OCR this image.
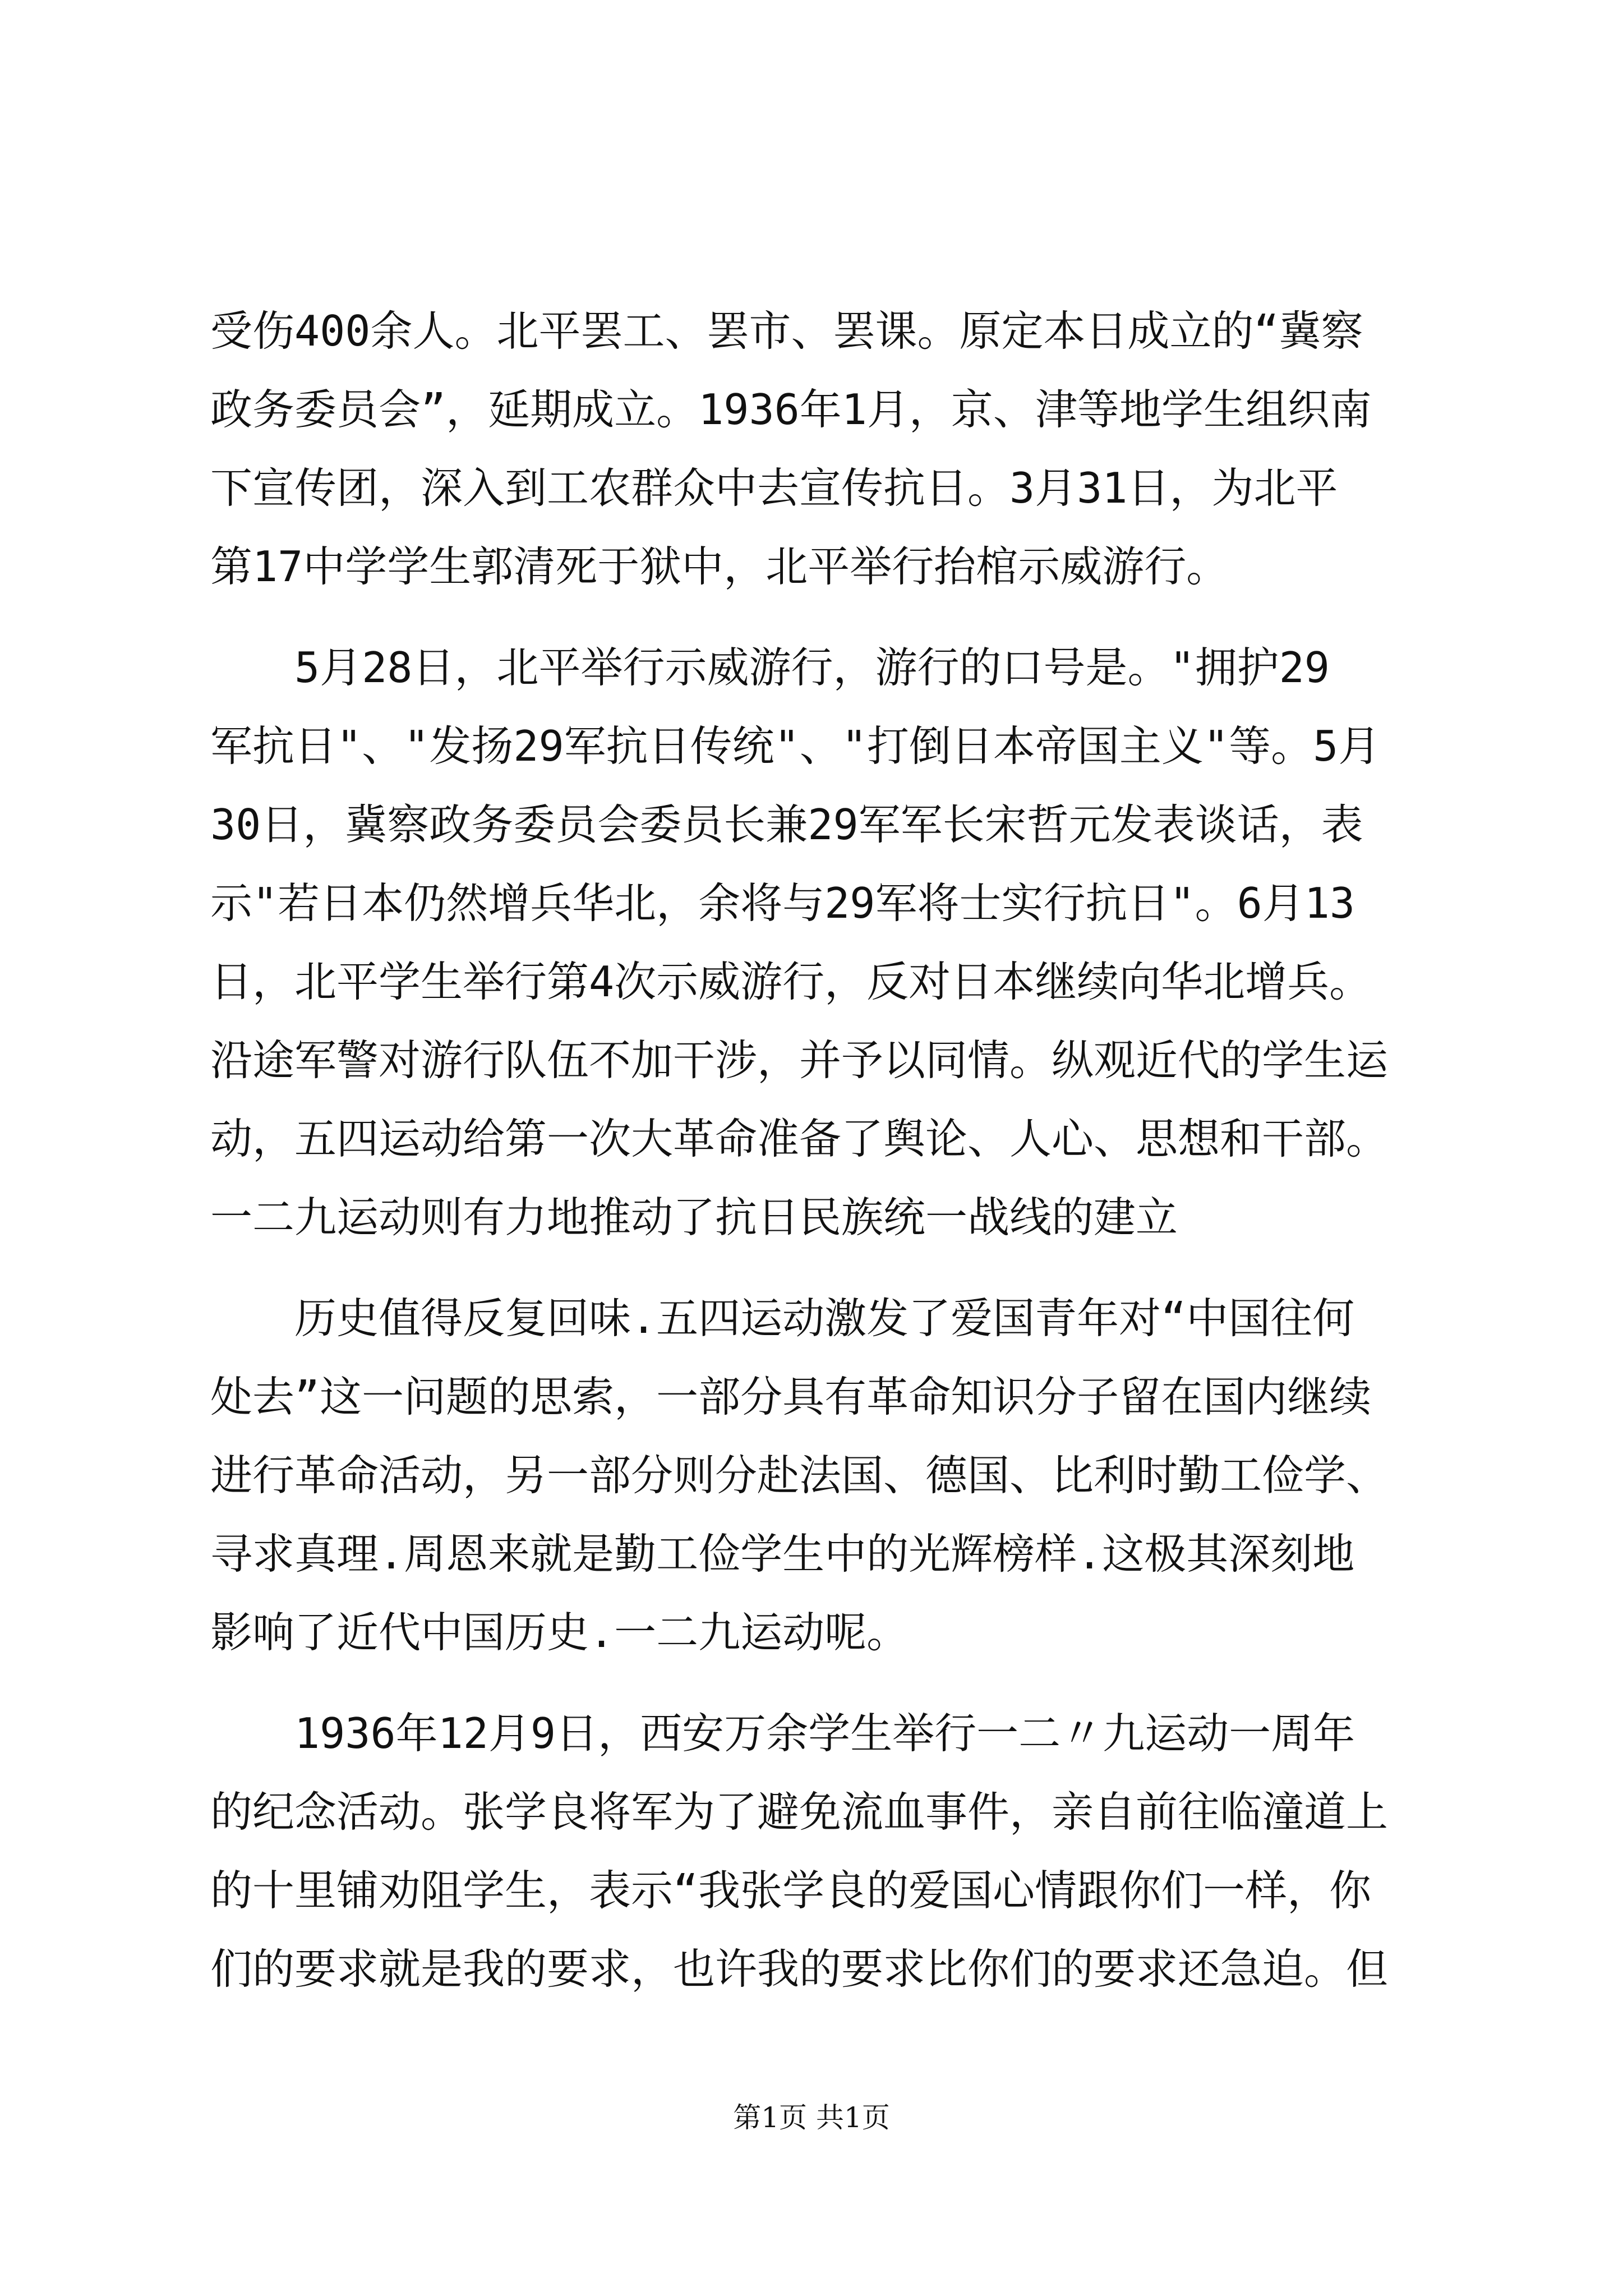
受伤400余人。北平罢工、罢市、罢课。原定本日成立的“冀察
政务委员会”，延期成立。1936年1月，京、津等地学生组织南
下宣传团，深入到工农群众中去宣传抗日。3月31日，为北平
第17中学学生郭清死于狱中，北平举行抬棺示威游行。
　　5月28日，北平举行示威游行，游行的口号是。"拥护29
军抗日"、"发扬29军抗日传统"、"打倒日本帝国主义"等。5月
30日，冀察政务委员会委员长兼29军军长宋哲元发表谈话，表
示"若日本仍然增兵华北，余将与29军将士实行抗日"。6月13
日，北平学生举行第4次示威游行，反对日本继续向华北增兵。
沿途军警对游行队伍不加干涉，并予以同情。纵观近代的学生运
动，五四运动给第一次大革命准备了舆论、人心、思想和干部。
一二九运动则有力地推动了抗日民族统一战线的建立
　　历史值得反复回味.五四运动激发了爱国青年对“中国往何
处去”这一问题的思索，一部分具有革命知识分子留在国内继续
进行革命活动，另一部分则分赴法国、德国、比利时勤工俭学、
寻求真理.周恩来就是勤工俭学生中的光辉榜样.这极其深刻地
影响了近代中国历史.一二九运动呢。
　　1936年12月9日，西安万余学生举行一二〃九运动一周年
的纪念活动。张学良将军为了避免流血事件，亲自前往临潼道上
的十里铺劝阻学生，表示“我张学良的爱国心情跟你们一样，你
们的要求就是我的要求，也许我的要求比你们的要求还急迫。但
第1页 共1页
